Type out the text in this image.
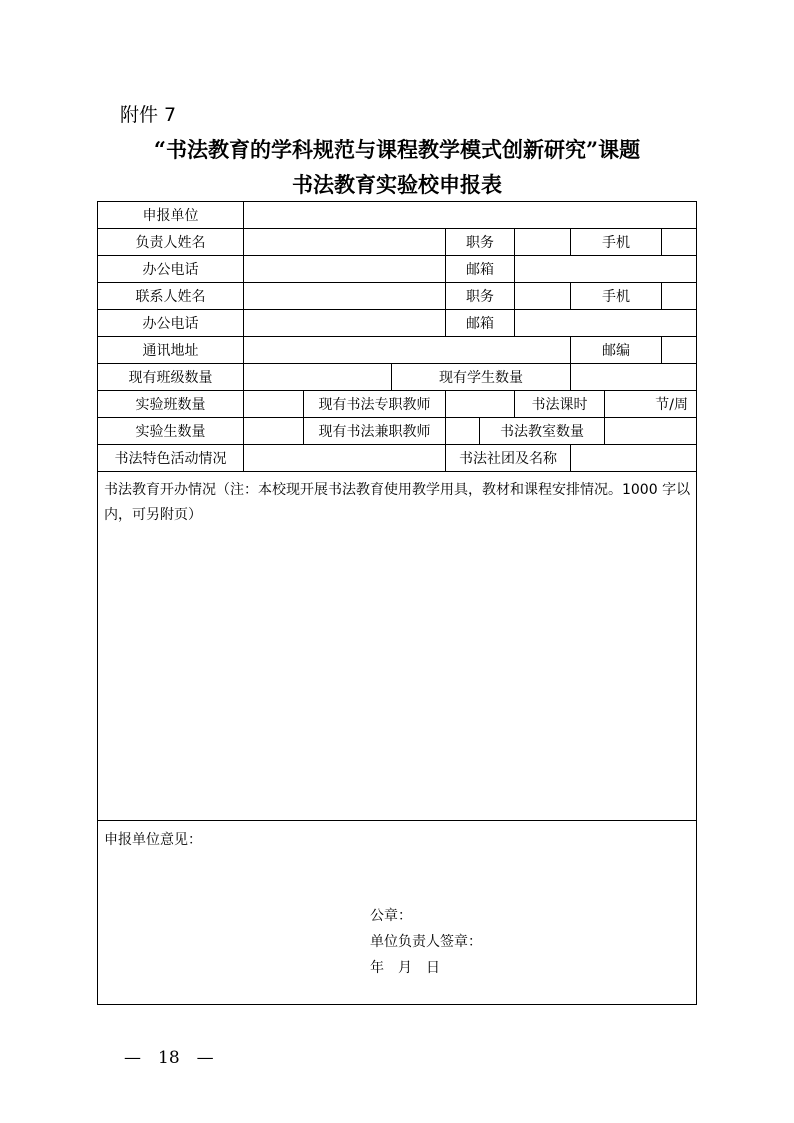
附件 7
“书法教育的学科规范与课程教学模式创新研究”课题
书法教育实验校申报表
申报单位								
负责人姓名				职务			手机	

办公电话				邮箱				
联系人姓名				职务			手机	

办公电话				邮箱				
通讯地址							邮编	

现有班级数量			现有学生数量					
实验班数量		现有书法专职教师				书法课时		节/周
实验生数量		现有书法兼职教师			书法教室数量			
书法特色活动情况				书法社团及名称				
书法教育开办情况（注：本校现开展书法教育使用教学用具，教材和课程安排情况。1000 字以内，可另附页）								

申报单位意见：
公章：
单位负责人签章：
年　月　日								
—　18　—
